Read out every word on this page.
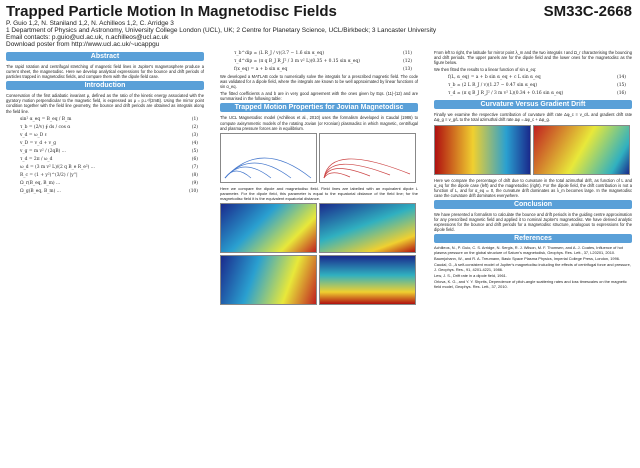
Trapped Particle Motion In Magnetodisc Fields	SM33C-2668
P. Guio 1,2, N. Staniland 1,2, N. Achilleos 1,2, C. Arridge 3
1 Department of Physics and Astronomy, University College London (UCL), UK; 2 Centre for Planetary Science, UCL/Birkbeck; 3 Lancaster University
Email contacts: p.guio@ucl.ac.uk, n.achilleos@ucl.ac.uk
Download poster from http://www.ucl.ac.uk/~ucappgu
Abstract
The rapid rotation and centrifugal stretching of magnetic field lines in Jupiter's magnetosphere produce a current sheet, the magnetodisc. Here we develop analytical expressions for the bounce and drift periods of particles trapped in magnetodisc fields, and compare them with the dipole field case.
Introduction
Conservation of the first adiabatic invariant μ, defined as the ratio of the kinetic energy associated with the gyratory motion perpendicular to the magnetic field, is expressed as μ = p⊥²/(2mB). Using the mirror point condition together with the field line geometry, the bounce and drift periods are obtained as integrals along the field line.
sin² α_eq = B_eq / B_m	(1)
τ_b = (2/v) ∮ ds / cos α	(2)
v_d = ω_D ℓ	(3)
v_D = v_d + v_g	(4)
v_g = m v² / (2qB) ...	(5)
τ_d = 2π / ω_d	(6)
ω_d = (3 m v² L)/(2 q B_e R_e²) ...	(7)
R_c = (1 + y²)^(3/2) / |y''|	(8)
Ω_r(B_eq, B_m) ...	(9)
Ω_g(B_eq, B_m) ...	(10)
τ_b^dip ≃ (L R_J / v)(3.7 − 1.6 sin α_eq)	(11)
τ_d^dip ≃ (π q B_J R_J² / 3 m v² L)(0.35 + 0.15 sin α_eq)	(12)
f(x_eq) = a + b sin α_eq	(13)
We developed a MATLAB code to numerically solve the integrals for a prescribed magnetic field. The code was validated for a dipole field, where the integrals are known to be well approximated by linear functions of sin α_eq.
The fitted coefficients a and b are in very good agreement with the ones given by Eqs. (11)-(12) and are summarised in the following table:
Trapped Motion Properties for Jovian Magnetodisc
The UCL Magnetodisc model (Achilleos et al., 2010) uses the formalism developed in Caudal (1986) to compute axisymmetric models of the rotating Jovian (or Kronian) plasmadisc in which magnetic, centrifugal and plasma pressure forces are in equilibrium.
Here we compare the dipole and magnetodisc field. Field lines are labelled with an equivalent dipole L parameter. For the dipole field, this parameter is equal to the equatorial distance of the field line; for the magnetodisc field it is the equivalent equatorial distance.
From left to right, the latitude for mirror point λ_m and the two integrals I and Ω_r characterising the bouncing and drift periods. The upper panels are for the dipole field and the lower ones for the magnetodisc as the figure below.
We then fitted the results to a linear function of sin α_eq:
f(L, α_eq) = a + b sin α_eq + c L sin α_eq	(14)
τ_b ≃ (2 L R_J / v)(1.27 − 0.47 sin α_eq)	(15)
τ_d ≃ (π q B_J R_J² / 3 m v² L)(0.34 + 0.16 sin α_eq)	(16)
Curvature Versus Gradient Drift
Finally we examine the respective contribution of curvature drift rate Δφ_c ≡ v_c/L and gradient drift rate Δφ_g ≡ v_g/L to the total azimuthal drift rate Δφ = Δφ_c + Δφ_g.
Here we compare the percentage of drift due to curvature in the total azimuthal drift, as function of L and α_eq for the dipole case (left) and the magnetodisc (right). For the dipole field, the drift contribution is not a function of L, and for α_eq ≃ 0, the curvature drift dominates as λ_m becomes large. In the magnetodisc case the curvature drift dominates everywhere.
Conclusion
We have presented a formalism to calculate the bounce and drift periods in the guiding centre approximation for any prescribed magnetic field and applied it to nominal Jupiter's magnetodisc. We have derived analytic expressions for the bounce and drift periods for a magnetodisc structure, analogous to expressions for the dipole field.
References
Achilleos, N., P. Guio, C. S. Arridge, N. Sergis, R. J. Wilson, M. F. Thomsen, and A. J. Coates, Influence of hot plasma pressure on the global structure of Saturn's magnetodisk, Geophys. Res. Lett., 37, L20201, 2010.
Baumjohann, W., and R. A. Treumann, Basic Space Plasma Physics, Imperial College Press, London, 1996.
Caudal, G., A self-consistent model of Jupiter's magnetodisc including the effects of centrifugal force and pressure, J. Geophys. Res., 91, 4201-4221, 1986.
Lew, J. S., Drift rate in a dipole field, 1961.
Orlova, K. G., and Y. Y. Shprits, Dependence of pitch-angle scattering rates and loss timescales on the magnetic field model, Geophys. Res. Lett., 37, 2010.
